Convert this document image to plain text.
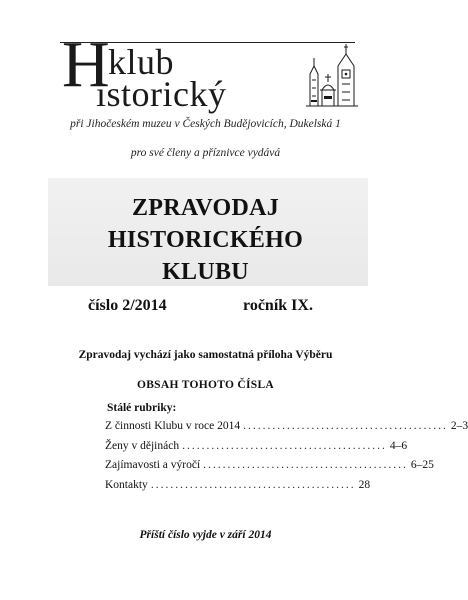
H
klub
istorický
při Jihočeském muzeu v Českých Budějovicích, Dukelská 1
pro své členy a příznivce vydává
ZPRAVODAJ
HISTORICKÉHO
KLUBU
číslo 2/2014	ročník IX.
Zpravodaj vychází jako samostatná příloha Výběru
OBSAH TOHOTO ČÍSLA
Stálé rubriky:
Z činnosti Klubu v roce 2014 .......................................... 2–3
Ženy v dějinách .......................................... 4–6
Zajímavosti a výročí .......................................... 6–25
Kontakty .......................................... 28
Příští číslo vyjde v září 2014
